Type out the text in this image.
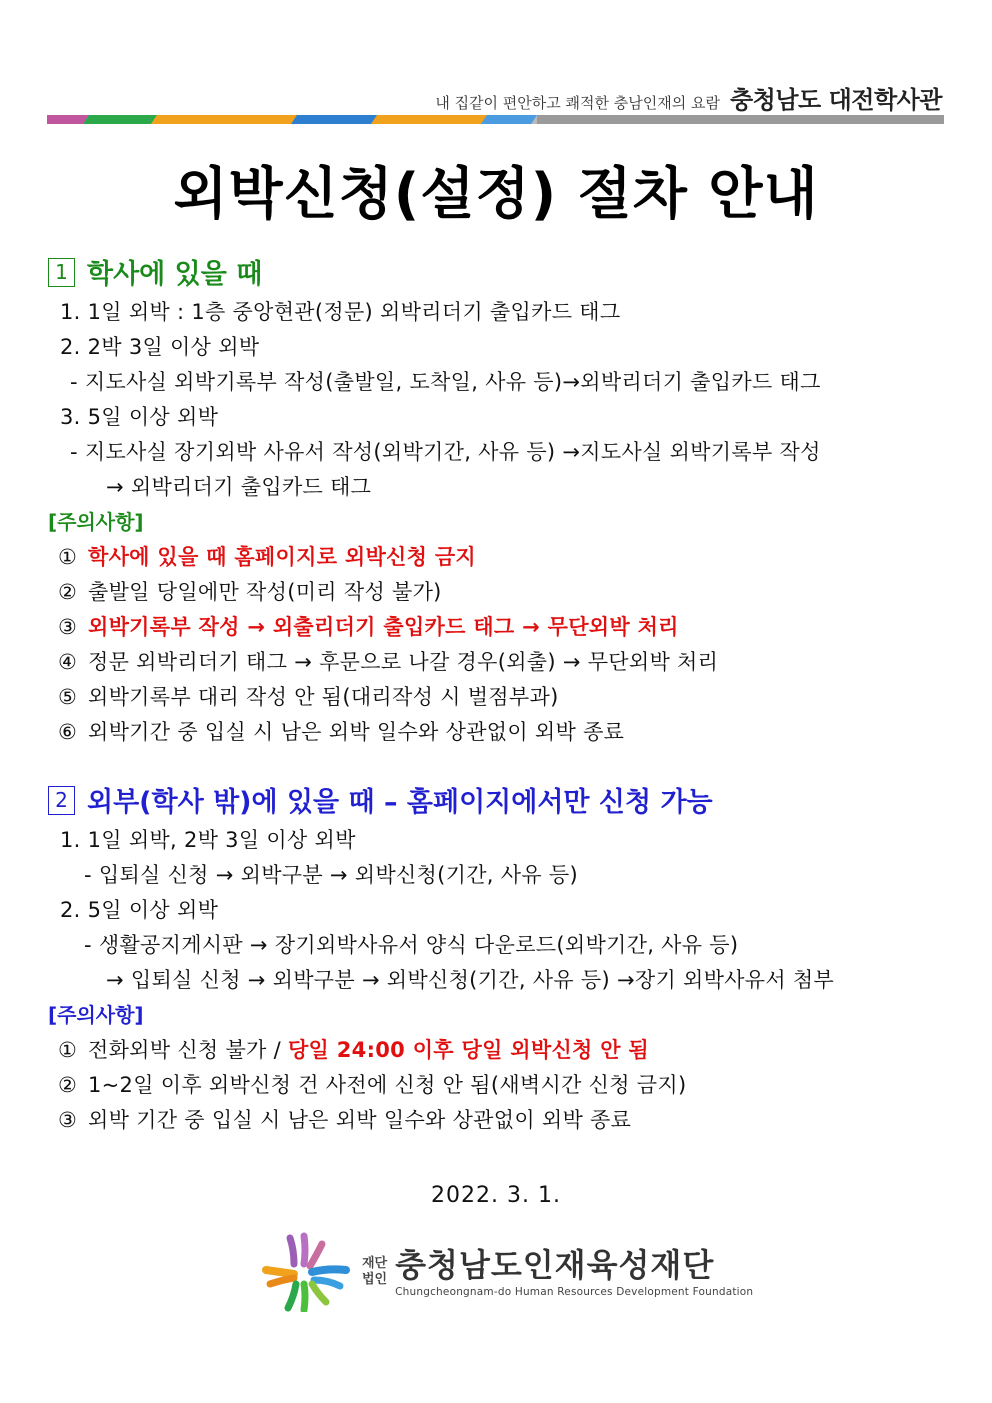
내 집같이 편안하고 쾌적한 충남인재의 요람 충청남도 대전학사관
외박신청(설정) 절차 안내
1 학사에 있을 때
1. 1일 외박 : 1층 중앙현관(정문) 외박리더기 출입카드 태그
2. 2박 3일 이상 외박
- 지도사실 외박기록부 작성(출발일, 도착일, 사유 등)→외박리더기 출입카드 태그
3. 5일 이상 외박
- 지도사실 장기외박 사유서 작성(외박기간, 사유 등) →지도사실 외박기록부 작성
→ 외박리더기 출입카드 태그
[주의사항]
① 학사에 있을 때 홈페이지로 외박신청 금지
② 출발일 당일에만 작성(미리 작성 불가)
③ 외박기록부 작성 → 외출리더기 출입카드 태그 → 무단외박 처리
④ 정문 외박리더기 태그 → 후문으로 나갈 경우(외출) → 무단외박 처리
⑤ 외박기록부 대리 작성 안 됨(대리작성 시 벌점부과)
⑥ 외박기간 중 입실 시 남은 외박 일수와 상관없이 외박 종료
2 외부(학사 밖)에 있을 때 – 홈페이지에서만 신청 가능
1. 1일 외박, 2박 3일 이상 외박
- 입퇴실 신청 → 외박구분 → 외박신청(기간, 사유 등)
2. 5일 이상 외박
- 생활공지게시판 → 장기외박사유서 양식 다운로드(외박기간, 사유 등)
→ 입퇴실 신청 → 외박구분 → 외박신청(기간, 사유 등) →장기 외박사유서 첨부
[주의사항]
① 전화외박 신청 불가 / 당일 24:00 이후 당일 외박신청 안 됨
② 1~2일 이후 외박신청 건 사전에 신청 안 됨(새벽시간 신청 금지)
③ 외박 기간 중 입실 시 남은 외박 일수와 상관없이 외박 종료
2022. 3. 1.
재단
법인 충청남도인재육성재단
Chungcheongnam-do Human Resources Development Foundation
